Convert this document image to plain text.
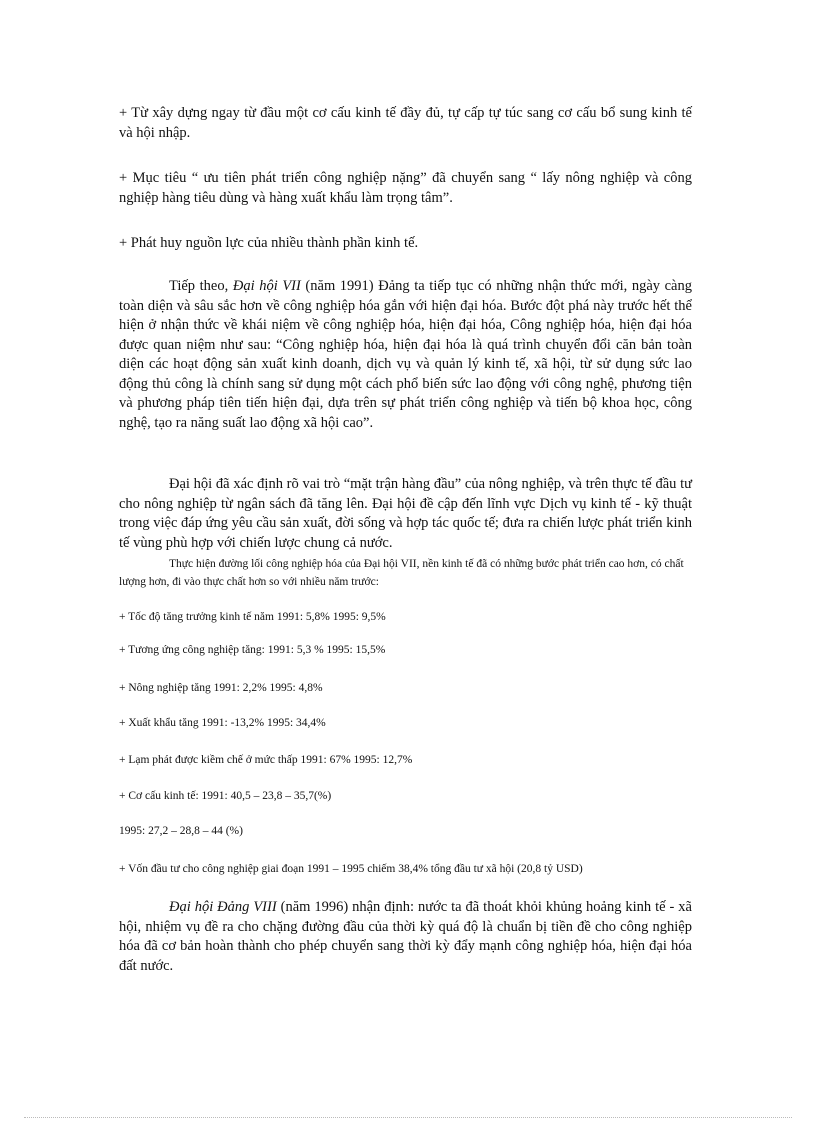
+ Từ xây dựng ngay từ đầu một cơ cấu kinh tế đầy đủ, tự cấp tự túc sang cơ cấu bổ sung kinh tế và hội nhập.

+ Mục tiêu “ ưu tiên phát triển công nghiệp nặng” đã chuyển sang “ lấy nông nghiệp và công nghiệp hàng tiêu dùng và hàng xuất khẩu làm trọng tâm”.

+ Phát huy nguồn lực của nhiều thành phần kinh tế.

Tiếp theo, Đại hội VII (năm 1991) Đảng ta tiếp tục có những nhận thức mới, ngày càng toàn diện và sâu sắc hơn về công nghiệp hóa gắn với hiện đại hóa. Bước đột phá này trước hết thể hiện ở nhận thức về khái niệm về công nghiệp hóa, hiện đại hóa, Công nghiệp hóa, hiện đại hóa được quan niệm như sau: “Công nghiệp hóa, hiện đại hóa là quá trình chuyển đổi căn bản toàn diện các hoạt động sản xuất kinh doanh, dịch vụ và quản lý kinh tế, xã hội, từ sử dụng sức lao động thủ công là chính sang sử dụng một cách phổ biến sức lao động với công nghệ, phương tiện và phương pháp tiên tiến hiện đại, dựa trên sự phát triển công nghiệp và tiến bộ khoa học, công nghệ, tạo ra năng suất lao động xã hội cao”.

Đại hội đã xác định rõ vai trò “mặt trận hàng đầu” của nông nghiệp, và trên thực tế đầu tư cho nông nghiệp từ ngân sách đã tăng lên. Đại hội đề cập đến lĩnh vực Dịch vụ kinh tế - kỹ thuật trong việc đáp ứng yêu cầu sản xuất, đời sống và hợp tác quốc tế; đưa ra chiến lược phát triển kinh tế vùng phù hợp với chiến lược chung cả nước.

Thực hiện đường lối công nghiệp hóa của Đại hội VII, nền kinh tế đã có những bước phát triển cao hơn, có chất lượng hơn, đi vào thực chất hơn so với nhiều năm trước:

+ Tốc độ tăng trưởng kinh tế năm 1991: 5,8% 1995: 9,5%

+ Tương ứng công nghiệp tăng: 1991: 5,3 % 1995: 15,5%

+ Nông nghiệp tăng 1991: 2,2% 1995: 4,8%

+ Xuất khẩu tăng 1991: -13,2% 1995: 34,4%

+ Lạm phát được kiềm chế ở mức thấp 1991: 67% 1995: 12,7%

+ Cơ cấu kinh tế: 1991: 40,5 – 23,8 – 35,7(%)

1995: 27,2 – 28,8 – 44 (%)

+ Vốn đầu tư cho công nghiệp giai đoạn 1991 – 1995 chiếm 38,4% tổng đầu tư xã hội (20,8 tỷ USD)

Đại hội Đảng VIII (năm 1996) nhận định: nước ta đã thoát khỏi khủng hoảng kinh tế - xã hội, nhiệm vụ đề ra cho chặng đường đầu của thời kỳ quá độ là chuẩn bị tiền đề cho công nghiệp hóa đã cơ bản hoàn thành cho phép chuyển sang thời kỳ đẩy mạnh công nghiệp hóa, hiện đại hóa đất nước.
